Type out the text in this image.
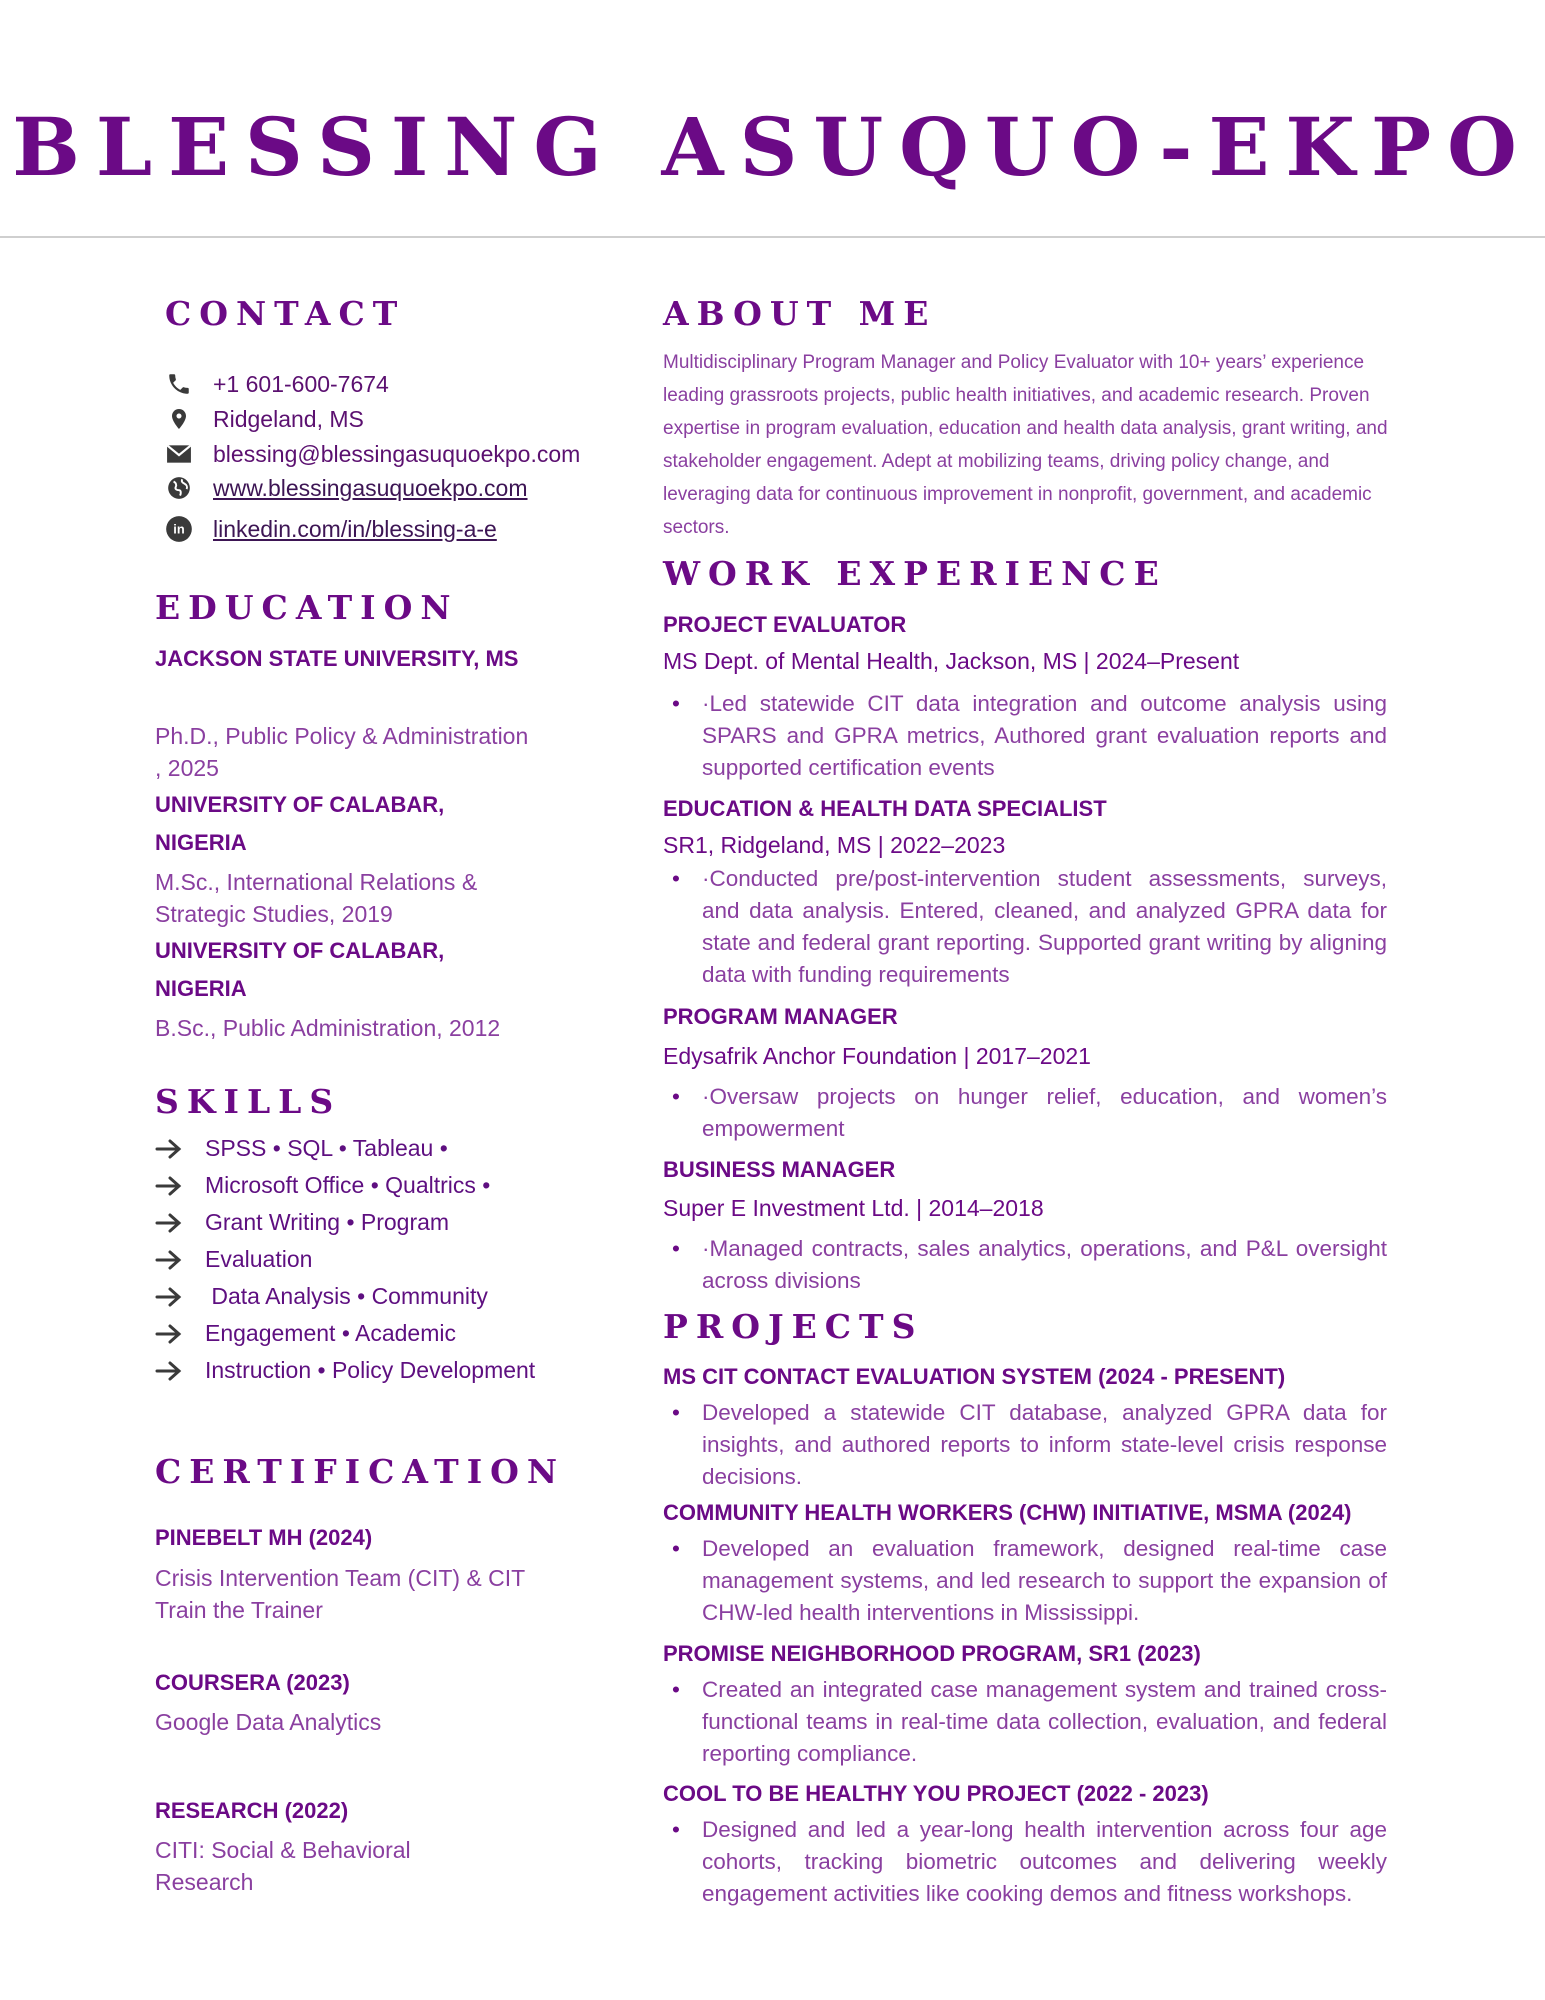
BLESSING ASUQUO-EKPO
CONTACT
+1 601-600-7674
Ridgeland, MS
blessing@blessingasuquoekpo.com
www.blessingasuquoekpo.com
in linkedin.com/in/blessing-a-e
EDUCATION
JACKSON STATE UNIVERSITY, MS
Ph.D., Public Policy & Administration , 2025
UNIVERSITY OF CALABAR, NIGERIA
M.Sc., International Relations & Strategic Studies, 2019
UNIVERSITY OF CALABAR, NIGERIA
B.Sc., Public Administration, 2012
SKILLS
SPSS • SQL • Tableau •
Microsoft Office • Qualtrics •
Grant Writing • Program
Evaluation
Data Analysis • Community
Engagement • Academic
Instruction • Policy Development
CERTIFICATION
PINEBELT MH (2024)
Crisis Intervention Team (CIT) & CIT Train the Trainer
COURSERA (2023)
Google Data Analytics
RESEARCH (2022)
CITI: Social & Behavioral Research
ABOUT ME
Multidisciplinary Program Manager and Policy Evaluator with 10+ years’ experience leading grassroots projects, public health initiatives, and academic research. Proven expertise in program evaluation, education and health data analysis, grant writing, and stakeholder engagement. Adept at mobilizing teams, driving policy change, and leveraging data for continuous improvement in nonprofit, government, and academic sectors.
WORK EXPERIENCE
PROJECT EVALUATOR
MS Dept. of Mental Health, Jackson, MS | 2024–Present
• ·Led statewide CIT data integration and outcome analysis using SPARS and GPRA metrics, Authored grant evaluation reports and supported certification events
EDUCATION & HEALTH DATA SPECIALIST
SR1, Ridgeland, MS | 2022–2023
• ·Conducted pre/post-intervention student assessments, surveys, and data analysis. Entered, cleaned, and analyzed GPRA data for state and federal grant reporting. Supported grant writing by aligning data with funding requirements
PROGRAM MANAGER
Edysafrik Anchor Foundation | 2017–2021
• ·Oversaw projects on hunger relief, education, and women’s empowerment
BUSINESS MANAGER
Super E Investment Ltd. | 2014–2018
• ·Managed contracts, sales analytics, operations, and P&L oversight across divisions
PROJECTS
MS CIT CONTACT EVALUATION SYSTEM (2024 - PRESENT)
• Developed a statewide CIT database, analyzed GPRA data for insights, and authored reports to inform state-level crisis response decisions.
COMMUNITY HEALTH WORKERS (CHW) INITIATIVE, MSMA (2024)
• Developed an evaluation framework, designed real-time case management systems, and led research to support the expansion of CHW-led health interventions in Mississippi.
PROMISE NEIGHBORHOOD PROGRAM, SR1 (2023)
• Created an integrated case management system and trained cross-functional teams in real-time data collection, evaluation, and federal reporting compliance.
COOL TO BE HEALTHY YOU PROJECT (2022 - 2023)
• Designed and led a year-long health intervention across four age cohorts, tracking biometric outcomes and delivering weekly engagement activities like cooking demos and fitness workshops.
